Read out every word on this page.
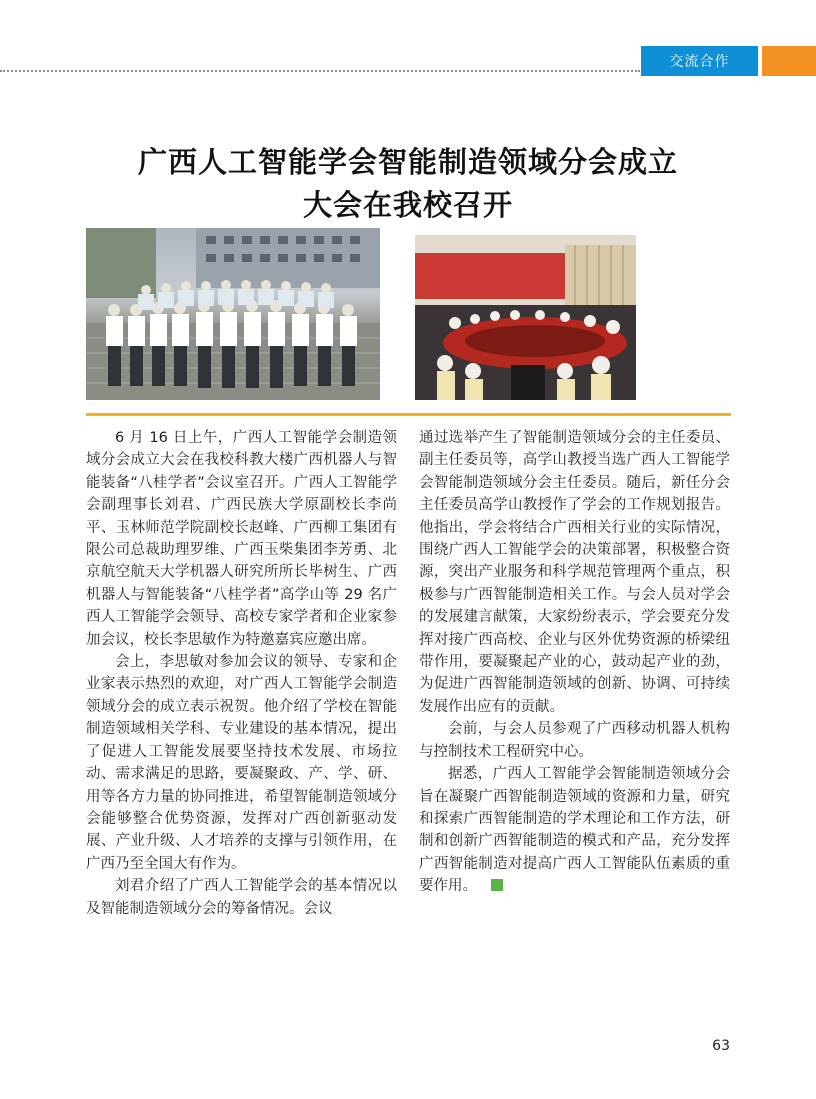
交流合作
广西人工智能学会智能制造领域分会成立
大会在我校召开

6 月 16 日上午，广西人工智能学会制造领域分会成立大会在我校科教大楼广西机器人与智能装备“八桂学者”会议室召开。广西人工智能学会副理事长刘君、广西民族大学原副校长李尚平、玉林师范学院副校长赵峰、广西柳工集团有限公司总裁助理罗维、广西玉柴集团李芳勇、北京航空航天大学机器人研究所所长毕树生、广西机器人与智能装备“八桂学者”高学山等 29 名广西人工智能学会领导、高校专家学者和企业家参加会议，校长李思敏作为特邀嘉宾应邀出席。

会上，李思敏对参加会议的领导、专家和企业家表示热烈的欢迎，对广西人工智能学会制造领域分会的成立表示祝贺。他介绍了学校在智能制造领域相关学科、专业建设的基本情况，提出了促进人工智能发展要坚持技术发展、市场拉动、需求满足的思路，要凝聚政、产、学、研、用等各方力量的协同推进，希望智能制造领域分会能够整合优势资源，发挥对广西创新驱动发展、产业升级、人才培养的支撑与引领作用，在广西乃至全国大有作为。

刘君介绍了广西人工智能学会的基本情况以及智能制造领域分会的筹备情况。会议

通过选举产生了智能制造领域分会的主任委员、副主任委员等，高学山教授当选广西人工智能学会智能制造领域分会主任委员。随后，新任分会主任委员高学山教授作了学会的工作规划报告。他指出，学会将结合广西相关行业的实际情况，围绕广西人工智能学会的决策部署，积极整合资源，突出产业服务和科学规范管理两个重点，积极参与广西智能制造相关工作。与会人员对学会的发展建言献策，大家纷纷表示，学会要充分发挥对接广西高校、企业与区外优势资源的桥梁纽带作用，要凝聚起产业的心，鼓动起产业的劲，为促进广西智能制造领域的创新、协调、可持续发展作出应有的贡献。

会前，与会人员参观了广西移动机器人机构与控制技术工程研究中心。

据悉，广西人工智能学会智能制造领域分会旨在凝聚广西智能制造领域的资源和力量，研究和探索广西智能制造的学术理论和工作方法，研制和创新广西智能制造的模式和产品，充分发挥广西智能制造对提高广西人工智能队伍素质的重要作用。

63
